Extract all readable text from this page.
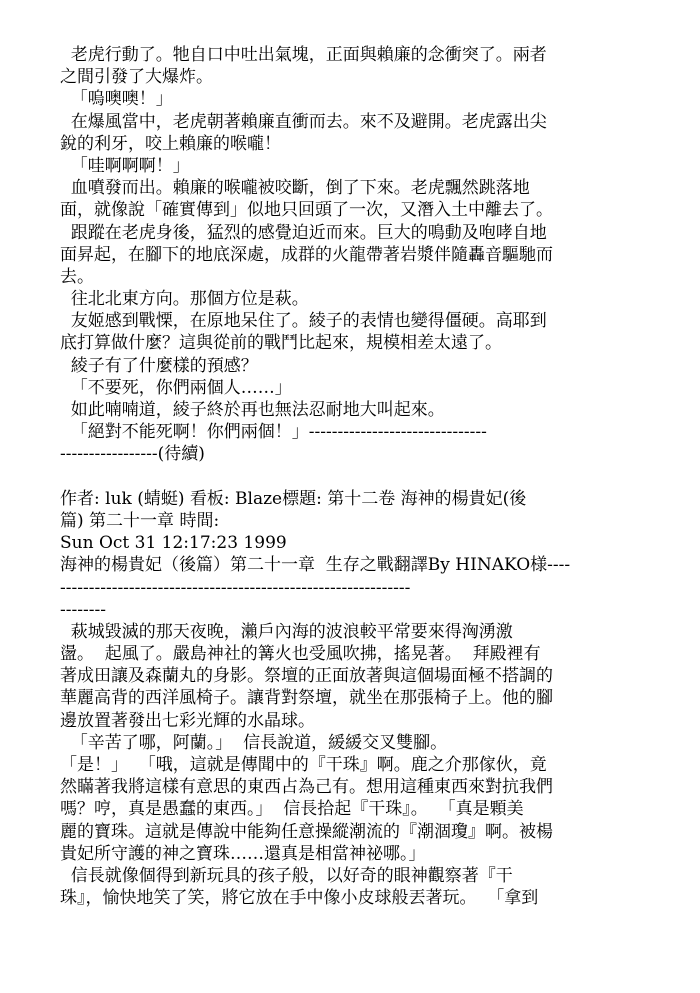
老虎行動了。牠自口中吐出氣塊，正面與賴廉的念衝突了。兩者
之間引發了大爆炸。
「嗚噢噢！」
在爆風當中，老虎朝著賴廉直衝而去。來不及避開。老虎露出尖
銳的利牙，咬上賴廉的喉嚨！
「哇啊啊啊！」
血噴發而出。賴廉的喉嚨被咬斷，倒了下來。老虎飄然跳落地
面，就像說「確實傳到」似地只回頭了一次，又潛入土中離去了。
跟蹤在老虎身後，猛烈的感覺迫近而來。巨大的鳴動及咆哮自地
面昇起，在腳下的地底深處，成群的火龍帶著岩漿伴隨轟音驅馳而
去。
往北北東方向。那個方位是萩。
友姬感到戰慄，在原地呆住了。綾子的表情也變得僵硬。高耶到
底打算做什麼？這與從前的戰鬥比起來，規模相差太遠了。
綾子有了什麼樣的預感？
「不要死，你們兩個人……」
如此喃喃道，綾子終於再也無法忍耐地大叫起來。
「絕對不能死啊！你們兩個！」-------------------------------
-----------------(待續)
作者: luk (蜻蜓) 看板: Blaze標題: 第十二卷 海神的楊貴妃(後
篇) 第二十一章 時間:
Sun Oct 31 12:17:23 1999
海神的楊貴妃（後篇）第二十一章  生存之戰翻譯By HINAKO様----
-------------------------------------------------------------
--------
萩城毀滅的那天夜晚，瀨戶內海的波浪較平常要來得洶湧激
盪。  起風了。嚴島神社的篝火也受風吹拂，搖晃著。  拜殿裡有
著成田讓及森蘭丸的身影。祭壇的正面放著與這個場面極不搭調的
華麗高背的西洋風椅子。讓背對祭壇，就坐在那張椅子上。他的腳
邊放置著發出七彩光輝的水晶球。
「辛苦了哪，阿蘭。」  信長說道，緩緩交叉雙腳。
「是！」  「哦，這就是傳聞中的『干珠』啊。鹿之介那傢伙，竟
然瞞著我將這樣有意思的東西占為己有。想用這種東西來對抗我們
嗎？哼，真是愚蠢的東西。」  信長拾起『干珠』。  「真是顆美
麗的寶珠。這就是傳說中能夠任意操縱潮流的『潮涸瓊』啊。被楊
貴妃所守護的神之寶珠……還真是相當神祕哪。」
信長就像個得到新玩具的孩子般，以好奇的眼神觀察著『干
珠』，愉快地笑了笑，將它放在手中像小皮球般丟著玩。  「拿到
